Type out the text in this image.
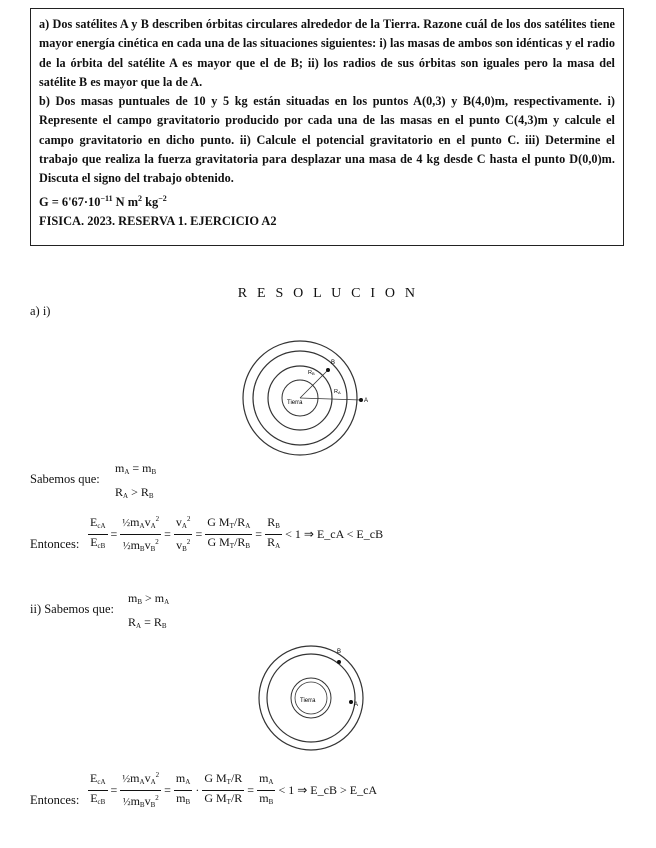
a) Dos satélites A y B describen órbitas circulares alrededor de la Tierra. Razone cuál de los dos satélites tiene mayor energía cinética en cada una de las situaciones siguientes: i) las masas de ambos son idénticas y el radio de la órbita del satélite A es mayor que el de B; ii) los radios de sus órbitas son iguales pero la masa del satélite B es mayor que la de A.

b) Dos masas puntuales de 10 y 5 kg están situadas en los puntos A(0,3) y B(4,0)m, respectivamente. i) Represente el campo gravitatorio producido por cada una de las masas en el punto C(4,3)m y calcule el campo gravitatorio en dicho punto. ii) Calcule el potencial gravitatorio en el punto C. iii) Determine el trabajo que realiza la fuerza gravitatoria para desplazar una masa de 4 kg desde C hasta el punto D(0,0)m. Discuta el signo del trabajo obtenido.

$G = 6'67\cdot 10^{-11}$ N $m^2$ $kg^{-2}$

FISICA. 2023. RESERVA 1. EJERCICIO A2

R E S O L U C I O N
a) i)
Tierra
B
A
RB
RA
Sabemos que:
$m_A = m_B$
$R_A > R_B$
Entonces: $\frac{E_{cA}}{E_{cB}} = \frac{\frac{1}{2}m_Av_A^2}{\frac{1}{2}m_Bv_B^2} = \frac{v_A^2}{v_B^2} = \frac{G M_T/R_A}{G M_T/R_B} = \frac{R_B}{R_A}$
< 1 ⇒ E_cA < E_cB
ii) Sabemos que:
$m_B > m_A$
$R_A = R_B$
Tierra
B
A
Entonces: $\frac{E_{cA}}{E_{cB}} = \frac{\frac{1}{2}m_Av_A^2}{\frac{1}{2}m_Bv_B^2} = \frac{m_A}{m_B} \cdot \frac{G M_T/R}{G M_T/R} = \frac{m_A}{m_B}$
< 1 ⇒ E_cB > E_cA
